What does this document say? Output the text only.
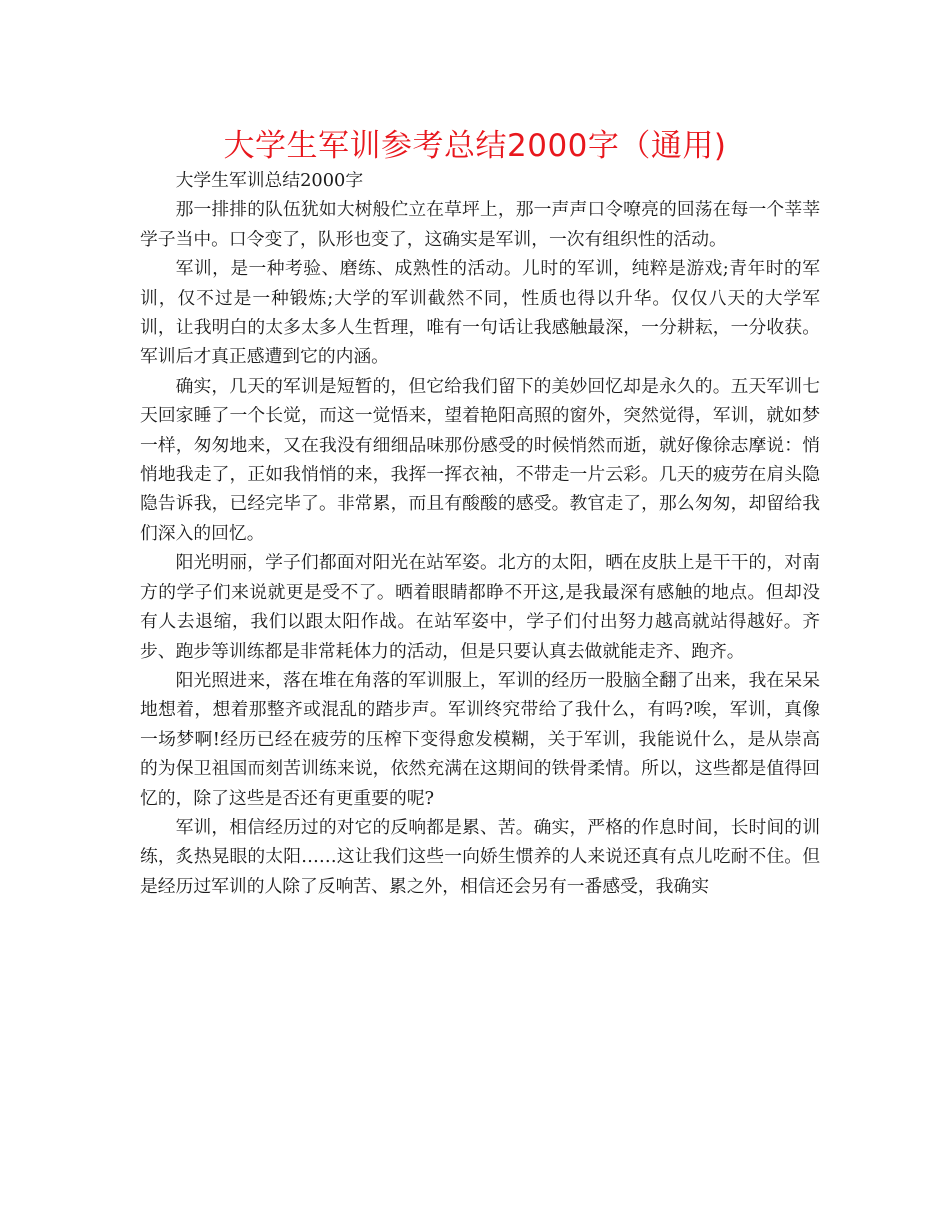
大学生军训参考总结2000字（通用)

大学生军训总结2000字

那一排排的队伍犹如大树般伫立在草坪上，那一声声口令嘹亮的回荡在每一个莘莘学子当中。口令变了，队形也变了，这确实是军训，一次有组织性的活动。

军训，是一种考验、磨练、成熟性的活动。儿时的军训，纯粹是游戏;青年时的军训，仅不过是一种锻炼;大学的军训截然不同，性质也得以升华。仅仅八天的大学军训，让我明白的太多太多人生哲理，唯有一句话让我感触最深，一分耕耘，一分收获。军训后才真正感遭到它的内涵。

确实，几天的军训是短暂的，但它给我们留下的美妙回忆却是永久的。五天军训七天回家睡了一个长觉，而这一觉悟来，望着艳阳高照的窗外，突然觉得，军训，就如梦一样，匆匆地来，又在我没有细细品味那份感受的时候悄然而逝，就好像徐志摩说：悄悄地我走了，正如我悄悄的来，我挥一挥衣袖，不带走一片云彩。几天的疲劳在肩头隐隐告诉我，已经完毕了。非常累，而且有酸酸的感受。教官走了，那么匆匆，却留给我们深入的回忆。

阳光明丽，学子们都面对阳光在站军姿。北方的太阳，晒在皮肤上是干干的，对南方的学子们来说就更是受不了。晒着眼睛都睁不开这,是我最深有感触的地点。但却没有人去退缩，我们以跟太阳作战。在站军姿中，学子们付出努力越高就站得越好。齐步、跑步等训练都是非常耗体力的活动，但是只要认真去做就能走齐、跑齐。

阳光照进来，落在堆在角落的军训服上，军训的经历一股脑全翻了出来，我在呆呆地想着，想着那整齐或混乱的踏步声。军训终究带给了我什么，有吗?唉，军训，真像一场梦啊!经历已经在疲劳的压榨下变得愈发模糊，关于军训，我能说什么，是从崇高的为保卫祖国而刻苦训练来说，依然充满在这期间的铁骨柔情。所以，这些都是值得回忆的，除了这些是否还有更重要的呢?

军训，相信经历过的对它的反响都是累、苦。确实，严格的作息时间，长时间的训练，炙热晃眼的太阳……这让我们这些一向娇生惯养的人来说还真有点儿吃耐不住。但是经历过军训的人除了反响苦、累之外，相信还会另有一番感受，我确实
